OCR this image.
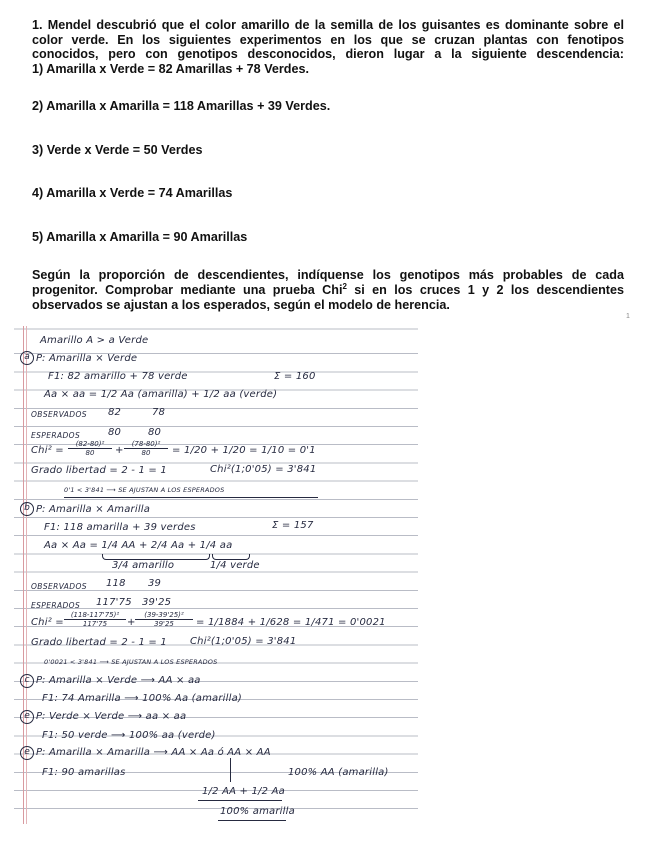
1. Mendel descubrió que el color amarillo de la semilla de los guisantes es dominante sobre el color verde. En los siguientes experimentos en los que se cruzan plantas con fenotipos conocidos, pero con genotipos desconocidos, dieron lugar a la siguiente descendencia:
1) Amarilla x Verde = 82 Amarillas + 78 Verdes.
2) Amarilla x Amarilla = 118 Amarillas + 39 Verdes.
3) Verde x Verde = 50 Verdes
4) Amarilla x Verde = 74 Amarillas
5) Amarilla x Amarilla = 90 Amarillas
Según la proporción de descendientes, indíquense los genotipos más probables de cada progenitor. Comprobar mediante una prueba Chi$^2$ si en los cruces 1 y 2 los descendientes observados se ajustan a los esperados, según el modelo de herencia.
1
Amarillo A > a Verde
a P: Amarilla × Verde
F1: 82 amarillo + 78 verde	Σ = 160
Aa × aa = 1/2 Aa (amarilla) + 1/2 aa (verde)
OBSERVADOS 82	78
ESPERADOS	80	80
$Chi^2 = \frac{\text{(82-80)²}}{80} + \frac{\text{(78-80)²}}{80} = 1/20 + 1/20 = 1/10 = 0'1$
Grado libertad = 2 - 1 = 1	Chi²(1;0'05) = 3'841
0'1 < 3'841 ⟶ SE AJUSTAN A LOS ESPERADOS
b P: Amarilla × Amarilla
F1: 118 amarilla + 39 verdes	Σ = 157
Aa × Aa = 1/4 AA + 2/4 Aa + 1/4 aa
3/4 amarillo	1/4 verde
OBSERVADOS 118 39
ESPERADOS 117'75 39'25
$Chi^2 = \frac{\text{(118-117'75)²}}{117'75} + \frac{\text{(39-39'25)²}}{39'25} = 1/1884 + 1/628 = 1/471 = 0'0021$
Grado libertad = 2 - 1 = 1 Chi²(1;0'05) = 3'841
0'0021 < 3'841 ⟶ SE AJUSTAN A LOS ESPERADOS
c P: Amarilla × Verde ⟶ AA × aa
F1: 74 Amarilla ⟶ 100% Aa (amarilla)
e P: Verde × Verde ⟶ aa × aa
F1: 50 verde ⟶ 100% aa (verde)
e P: Amarilla × Amarilla ⟶ AA × Aa ó AA × AA
F1: 90 amarillas	100% AA (amarilla)
1/2 AA + 1/2 Aa
100% amarilla
